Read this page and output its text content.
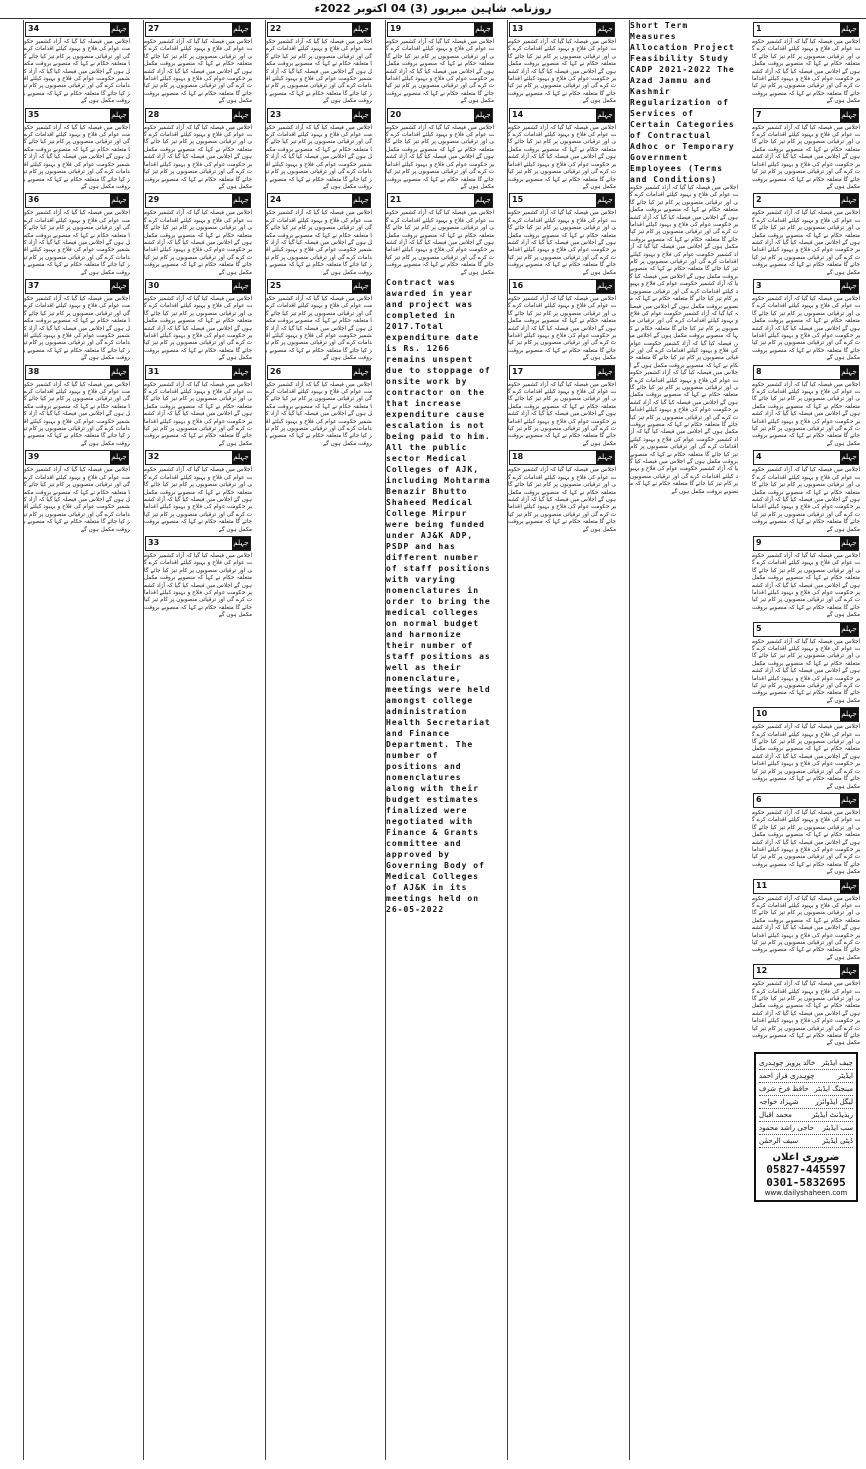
روزنامہ شاہین میرپور (3) 04 اکتوبر 2022ء
1	جہلم
اجلاس میں فیصلہ کیا گیا کہ آزاد کشمیر حکومت عوام کی فلاح و بہبود کیلئے اقدامات کرے گی اور ترقیاتی منصوبوں پر کام تیز کیا جائے گا متعلقہ حکام نے کہا کہ منصوبے بروقت مکمل ہوں گے اجلاس میں فیصلہ کیا گیا کہ آزاد کشمیر حکومت عوام کی فلاح و بہبود کیلئے اقدامات کرے گی اور ترقیاتی منصوبوں پر کام تیز کیا جائے گا متعلقہ حکام نے کہا کہ منصوبے بروقت مکمل ہوں گے
7	جہلم
اجلاس میں فیصلہ کیا گیا کہ آزاد کشمیر حکومت عوام کی فلاح و بہبود کیلئے اقدامات کرے گی اور ترقیاتی منصوبوں پر کام تیز کیا جائے گا متعلقہ حکام نے کہا کہ منصوبے بروقت مکمل ہوں گے اجلاس میں فیصلہ کیا گیا کہ آزاد کشمیر حکومت عوام کی فلاح و بہبود کیلئے اقدامات کرے گی اور ترقیاتی منصوبوں پر کام تیز کیا جائے گا متعلقہ حکام نے کہا کہ منصوبے بروقت مکمل ہوں گے
2	جہلم
اجلاس میں فیصلہ کیا گیا کہ آزاد کشمیر حکومت عوام کی فلاح و بہبود کیلئے اقدامات کرے گی اور ترقیاتی منصوبوں پر کام تیز کیا جائے گا متعلقہ حکام نے کہا کہ منصوبے بروقت مکمل ہوں گے اجلاس میں فیصلہ کیا گیا کہ آزاد کشمیر حکومت عوام کی فلاح و بہبود کیلئے اقدامات کرے گی اور ترقیاتی منصوبوں پر کام تیز کیا جائے گا متعلقہ حکام نے کہا کہ منصوبے بروقت مکمل ہوں گے
3	جہلم
اجلاس میں فیصلہ کیا گیا کہ آزاد کشمیر حکومت عوام کی فلاح و بہبود کیلئے اقدامات کرے گی اور ترقیاتی منصوبوں پر کام تیز کیا جائے گا متعلقہ حکام نے کہا کہ منصوبے بروقت مکمل ہوں گے اجلاس میں فیصلہ کیا گیا کہ آزاد کشمیر حکومت عوام کی فلاح و بہبود کیلئے اقدامات کرے گی اور ترقیاتی منصوبوں پر کام تیز کیا جائے گا متعلقہ حکام نے کہا کہ منصوبے بروقت مکمل ہوں گے
8	جہلم
اجلاس میں فیصلہ کیا گیا کہ آزاد کشمیر حکومت عوام کی فلاح و بہبود کیلئے اقدامات کرے گی اور ترقیاتی منصوبوں پر کام تیز کیا جائے گا متعلقہ حکام نے کہا کہ منصوبے بروقت مکمل ہوں گے اجلاس میں فیصلہ کیا گیا کہ آزاد کشمیر حکومت عوام کی فلاح و بہبود کیلئے اقدامات کرے گی اور ترقیاتی منصوبوں پر کام تیز کیا جائے گا متعلقہ حکام نے کہا کہ منصوبے بروقت مکمل ہوں گے
4	جہلم
اجلاس میں فیصلہ کیا گیا کہ آزاد کشمیر حکومت عوام کی فلاح و بہبود کیلئے اقدامات کرے گی اور ترقیاتی منصوبوں پر کام تیز کیا جائے گا متعلقہ حکام نے کہا کہ منصوبے بروقت مکمل ہوں گے اجلاس میں فیصلہ کیا گیا کہ آزاد کشمیر حکومت عوام کی فلاح و بہبود کیلئے اقدامات کرے گی اور ترقیاتی منصوبوں پر کام تیز کیا جائے گا متعلقہ حکام نے کہا کہ منصوبے بروقت مکمل ہوں گے
9	جہلم
اجلاس میں فیصلہ کیا گیا کہ آزاد کشمیر حکومت عوام کی فلاح و بہبود کیلئے اقدامات کرے گی اور ترقیاتی منصوبوں پر کام تیز کیا جائے گا متعلقہ حکام نے کہا کہ منصوبے بروقت مکمل ہوں گے اجلاس میں فیصلہ کیا گیا کہ آزاد کشمیر حکومت عوام کی فلاح و بہبود کیلئے اقدامات کرے گی اور ترقیاتی منصوبوں پر کام تیز کیا جائے گا متعلقہ حکام نے کہا کہ منصوبے بروقت مکمل ہوں گے
5	جہلم
اجلاس میں فیصلہ کیا گیا کہ آزاد کشمیر حکومت عوام کی فلاح و بہبود کیلئے اقدامات کرے گی اور ترقیاتی منصوبوں پر کام تیز کیا جائے گا متعلقہ حکام نے کہا کہ منصوبے بروقت مکمل ہوں گے اجلاس میں فیصلہ کیا گیا کہ آزاد کشمیر حکومت عوام کی فلاح و بہبود کیلئے اقدامات کرے گی اور ترقیاتی منصوبوں پر کام تیز کیا جائے گا متعلقہ حکام نے کہا کہ منصوبے بروقت مکمل ہوں گے
10	جہلم
اجلاس میں فیصلہ کیا گیا کہ آزاد کشمیر حکومت عوام کی فلاح و بہبود کیلئے اقدامات کرے گی اور ترقیاتی منصوبوں پر کام تیز کیا جائے گا متعلقہ حکام نے کہا کہ منصوبے بروقت مکمل ہوں گے اجلاس میں فیصلہ کیا گیا کہ آزاد کشمیر حکومت عوام کی فلاح و بہبود کیلئے اقدامات کرے گی اور ترقیاتی منصوبوں پر کام تیز کیا جائے گا متعلقہ حکام نے کہا کہ منصوبے بروقت مکمل ہوں گے
6	جہلم
اجلاس میں فیصلہ کیا گیا کہ آزاد کشمیر حکومت عوام کی فلاح و بہبود کیلئے اقدامات کرے گی اور ترقیاتی منصوبوں پر کام تیز کیا جائے گا متعلقہ حکام نے کہا کہ منصوبے بروقت مکمل ہوں گے اجلاس میں فیصلہ کیا گیا کہ آزاد کشمیر حکومت عوام کی فلاح و بہبود کیلئے اقدامات کرے گی اور ترقیاتی منصوبوں پر کام تیز کیا جائے گا متعلقہ حکام نے کہا کہ منصوبے بروقت مکمل ہوں گے
11	جہلم
اجلاس میں فیصلہ کیا گیا کہ آزاد کشمیر حکومت عوام کی فلاح و بہبود کیلئے اقدامات کرے گی اور ترقیاتی منصوبوں پر کام تیز کیا جائے گا متعلقہ حکام نے کہا کہ منصوبے بروقت مکمل ہوں گے اجلاس میں فیصلہ کیا گیا کہ آزاد کشمیر حکومت عوام کی فلاح و بہبود کیلئے اقدامات کرے گی اور ترقیاتی منصوبوں پر کام تیز کیا جائے گا متعلقہ حکام نے کہا کہ منصوبے بروقت مکمل ہوں گے
12	جہلم
اجلاس میں فیصلہ کیا گیا کہ آزاد کشمیر حکومت عوام کی فلاح و بہبود کیلئے اقدامات کرے گی اور ترقیاتی منصوبوں پر کام تیز کیا جائے گا متعلقہ حکام نے کہا کہ منصوبے بروقت مکمل ہوں گے اجلاس میں فیصلہ کیا گیا کہ آزاد کشمیر حکومت عوام کی فلاح و بہبود کیلئے اقدامات کرے گی اور ترقیاتی منصوبوں پر کام تیز کیا جائے گا متعلقہ حکام نے کہا کہ منصوبے بروقت مکمل ہوں گے
چیف ایڈیٹر
خالد پرویز چوہدری
ایڈیٹر
چوہدری فراز احمد
مینجنگ ایڈیٹر
حافظ فرخ شرف
لیگل ایڈوائزر
شہزاد خواجہ
ریذیڈنٹ ایڈیٹر
محمد اقبال
سب ایڈیٹر
حاجی راشد محمود
ڈپٹی ایڈیٹر
سیف الرحمٰن
ضروری اعلان
05827-445597
0301-5832695
www.dailyshaheen.com
Short Term Measures Allocation Project Feasibility Study CADP 2021-2022 The Azad Jammu and Kashmir Regularization of Services of Certain Categories of Contractual Adhoc or Temporary Government Employees (Terms and Conditions)
اجلاس میں فیصلہ کیا گیا کہ آزاد کشمیر حکومت عوام کی فلاح و بہبود کیلئے اقدامات کرے گی اور ترقیاتی منصوبوں پر کام تیز کیا جائے گا متعلقہ حکام نے کہا کہ منصوبے بروقت مکمل ہوں گے اجلاس میں فیصلہ کیا گیا کہ آزاد کشمیر حکومت عوام کی فلاح و بہبود کیلئے اقدامات کرے گی اور ترقیاتی منصوبوں پر کام تیز کیا جائے گا متعلقہ حکام نے کہا کہ منصوبے بروقت مکمل ہوں گے اجلاس میں فیصلہ کیا گیا کہ آزاد کشمیر حکومت عوام کی فلاح و بہبود کیلئے اقدامات کرے گی اور ترقیاتی منصوبوں پر کام تیز کیا جائے گا متعلقہ حکام نے کہا کہ منصوبے بروقت مکمل ہوں گے اجلاس میں فیصلہ کیا گیا کہ آزاد کشمیر حکومت عوام کی فلاح و بہبود کیلئے اقدامات کرے گی اور ترقیاتی منصوبوں پر کام تیز کیا جائے گا متعلقہ حکام نے کہا کہ منصوبے بروقت مکمل ہوں گے اجلاس میں فیصلہ کیا گیا کہ آزاد کشمیر حکومت عوام کی فلاح و بہبود کیلئے اقدامات کرے گی اور ترقیاتی منصوبوں پر کام تیز کیا جائے گا متعلقہ حکام نے کہا کہ منصوبے بروقت مکمل ہوں گے اجلاس میں فیصلہ کیا گیا کہ آزاد کشمیر حکومت عوام کی فلاح و بہبود کیلئے اقدامات کرے گی اور ترقیاتی منصوبوں پر کام تیز کیا جائے گا متعلقہ حکام نے کہا کہ منصوبے بروقت مکمل ہوں گے اجلاس میں فیصلہ کیا گیا کہ آزاد کشمیر حکومت عوام کی فلاح و بہبود کیلئے اقدامات کرے گی اور ترقیاتی منصوبوں پر کام تیز کیا جائے گا متعلقہ حکام نے کہا کہ منصوبے بروقت مکمل ہوں گے اجلاس میں فیصلہ کیا گیا کہ آزاد کشمیر حکومت عوام کی فلاح و بہبود کیلئے اقدامات کرے گی اور ترقیاتی منصوبوں پر کام تیز کیا جائے گا متعلقہ حکام نے کہا کہ منصوبے بروقت مکمل ہوں گے اجلاس میں فیصلہ کیا گیا کہ آزاد کشمیر حکومت عوام کی فلاح و بہبود کیلئے اقدامات کرے گی اور ترقیاتی منصوبوں پر کام تیز کیا جائے گا متعلقہ حکام نے کہا کہ منصوبے بروقت مکمل ہوں گے اجلاس میں فیصلہ کیا گیا کہ آزاد کشمیر حکومت عوام کی فلاح و بہبود کیلئے اقدامات کرے گی اور ترقیاتی منصوبوں پر کام تیز کیا جائے گا متعلقہ حکام نے کہا کہ منصوبے بروقت مکمل ہوں گے
13	جہلم
اجلاس میں فیصلہ کیا گیا کہ آزاد کشمیر حکومت عوام کی فلاح و بہبود کیلئے اقدامات کرے گی اور ترقیاتی منصوبوں پر کام تیز کیا جائے گا متعلقہ حکام نے کہا کہ منصوبے بروقت مکمل ہوں گے اجلاس میں فیصلہ کیا گیا کہ آزاد کشمیر حکومت عوام کی فلاح و بہبود کیلئے اقدامات کرے گی اور ترقیاتی منصوبوں پر کام تیز کیا جائے گا متعلقہ حکام نے کہا کہ منصوبے بروقت مکمل ہوں گے
14	جہلم
اجلاس میں فیصلہ کیا گیا کہ آزاد کشمیر حکومت عوام کی فلاح و بہبود کیلئے اقدامات کرے گی اور ترقیاتی منصوبوں پر کام تیز کیا جائے گا متعلقہ حکام نے کہا کہ منصوبے بروقت مکمل ہوں گے اجلاس میں فیصلہ کیا گیا کہ آزاد کشمیر حکومت عوام کی فلاح و بہبود کیلئے اقدامات کرے گی اور ترقیاتی منصوبوں پر کام تیز کیا جائے گا متعلقہ حکام نے کہا کہ منصوبے بروقت مکمل ہوں گے
15	جہلم
اجلاس میں فیصلہ کیا گیا کہ آزاد کشمیر حکومت عوام کی فلاح و بہبود کیلئے اقدامات کرے گی اور ترقیاتی منصوبوں پر کام تیز کیا جائے گا متعلقہ حکام نے کہا کہ منصوبے بروقت مکمل ہوں گے اجلاس میں فیصلہ کیا گیا کہ آزاد کشمیر حکومت عوام کی فلاح و بہبود کیلئے اقدامات کرے گی اور ترقیاتی منصوبوں پر کام تیز کیا جائے گا متعلقہ حکام نے کہا کہ منصوبے بروقت مکمل ہوں گے
16	جہلم
اجلاس میں فیصلہ کیا گیا کہ آزاد کشمیر حکومت عوام کی فلاح و بہبود کیلئے اقدامات کرے گی اور ترقیاتی منصوبوں پر کام تیز کیا جائے گا متعلقہ حکام نے کہا کہ منصوبے بروقت مکمل ہوں گے اجلاس میں فیصلہ کیا گیا کہ آزاد کشمیر حکومت عوام کی فلاح و بہبود کیلئے اقدامات کرے گی اور ترقیاتی منصوبوں پر کام تیز کیا جائے گا متعلقہ حکام نے کہا کہ منصوبے بروقت مکمل ہوں گے
17	جہلم
اجلاس میں فیصلہ کیا گیا کہ آزاد کشمیر حکومت عوام کی فلاح و بہبود کیلئے اقدامات کرے گی اور ترقیاتی منصوبوں پر کام تیز کیا جائے گا متعلقہ حکام نے کہا کہ منصوبے بروقت مکمل ہوں گے اجلاس میں فیصلہ کیا گیا کہ آزاد کشمیر حکومت عوام کی فلاح و بہبود کیلئے اقدامات کرے گی اور ترقیاتی منصوبوں پر کام تیز کیا جائے گا متعلقہ حکام نے کہا کہ منصوبے بروقت مکمل ہوں گے
18	جہلم
اجلاس میں فیصلہ کیا گیا کہ آزاد کشمیر حکومت عوام کی فلاح و بہبود کیلئے اقدامات کرے گی اور ترقیاتی منصوبوں پر کام تیز کیا جائے گا متعلقہ حکام نے کہا کہ منصوبے بروقت مکمل ہوں گے اجلاس میں فیصلہ کیا گیا کہ آزاد کشمیر حکومت عوام کی فلاح و بہبود کیلئے اقدامات کرے گی اور ترقیاتی منصوبوں پر کام تیز کیا جائے گا متعلقہ حکام نے کہا کہ منصوبے بروقت مکمل ہوں گے
19	جہلم
اجلاس میں فیصلہ کیا گیا کہ آزاد کشمیر حکومت عوام کی فلاح و بہبود کیلئے اقدامات کرے گی اور ترقیاتی منصوبوں پر کام تیز کیا جائے گا متعلقہ حکام نے کہا کہ منصوبے بروقت مکمل ہوں گے اجلاس میں فیصلہ کیا گیا کہ آزاد کشمیر حکومت عوام کی فلاح و بہبود کیلئے اقدامات کرے گی اور ترقیاتی منصوبوں پر کام تیز کیا جائے گا متعلقہ حکام نے کہا کہ منصوبے بروقت مکمل ہوں گے
20	جہلم
اجلاس میں فیصلہ کیا گیا کہ آزاد کشمیر حکومت عوام کی فلاح و بہبود کیلئے اقدامات کرے گی اور ترقیاتی منصوبوں پر کام تیز کیا جائے گا متعلقہ حکام نے کہا کہ منصوبے بروقت مکمل ہوں گے اجلاس میں فیصلہ کیا گیا کہ آزاد کشمیر حکومت عوام کی فلاح و بہبود کیلئے اقدامات کرے گی اور ترقیاتی منصوبوں پر کام تیز کیا جائے گا متعلقہ حکام نے کہا کہ منصوبے بروقت مکمل ہوں گے
21	جہلم
اجلاس میں فیصلہ کیا گیا کہ آزاد کشمیر حکومت عوام کی فلاح و بہبود کیلئے اقدامات کرے گی اور ترقیاتی منصوبوں پر کام تیز کیا جائے گا متعلقہ حکام نے کہا کہ منصوبے بروقت مکمل ہوں گے اجلاس میں فیصلہ کیا گیا کہ آزاد کشمیر حکومت عوام کی فلاح و بہبود کیلئے اقدامات کرے گی اور ترقیاتی منصوبوں پر کام تیز کیا جائے گا متعلقہ حکام نے کہا کہ منصوبے بروقت مکمل ہوں گے
Contract was awarded in year and project was completed in 2017.Total expenditure date is Rs. 1266 remains unspent due to stoppage of onsite work by contractor on the that increase expenditure cause escalation is not being paid to him. All the public sector Medical Colleges of AJK, including Mohtarma Benazir Bhutto Shaheed Medical College Mirpur were being funded under AJ&K ADP, PSDP and has different number of staff positions with varying nomenclatures in order to bring the medical colleges on normal budget and harmonize their number of staff positions as well as their nomenclature, meetings were held amongst college administration Health Secretariat and Finance Department. The number of positions and nomenclatures along with their budget estimates finalized were negotiated with Finance & Grants committee and approved by Governing Body of Medical Colleges of AJ&K in its meetings held on 26-05-2022
22	جہلم
اجلاس میں فیصلہ کیا گیا کہ آزاد کشمیر حکومت عوام کی فلاح و بہبود کیلئے اقدامات کرے گی اور ترقیاتی منصوبوں پر کام تیز کیا جائے گا متعلقہ حکام نے کہا کہ منصوبے بروقت مکمل ہوں گے اجلاس میں فیصلہ کیا گیا کہ آزاد کشمیر حکومت عوام کی فلاح و بہبود کیلئے اقدامات کرے گی اور ترقیاتی منصوبوں پر کام تیز کیا جائے گا متعلقہ حکام نے کہا کہ منصوبے بروقت مکمل ہوں گے
23	جہلم
اجلاس میں فیصلہ کیا گیا کہ آزاد کشمیر حکومت عوام کی فلاح و بہبود کیلئے اقدامات کرے گی اور ترقیاتی منصوبوں پر کام تیز کیا جائے گا متعلقہ حکام نے کہا کہ منصوبے بروقت مکمل ہوں گے اجلاس میں فیصلہ کیا گیا کہ آزاد کشمیر حکومت عوام کی فلاح و بہبود کیلئے اقدامات کرے گی اور ترقیاتی منصوبوں پر کام تیز کیا جائے گا متعلقہ حکام نے کہا کہ منصوبے بروقت مکمل ہوں گے
24	جہلم
اجلاس میں فیصلہ کیا گیا کہ آزاد کشمیر حکومت عوام کی فلاح و بہبود کیلئے اقدامات کرے گی اور ترقیاتی منصوبوں پر کام تیز کیا جائے گا متعلقہ حکام نے کہا کہ منصوبے بروقت مکمل ہوں گے اجلاس میں فیصلہ کیا گیا کہ آزاد کشمیر حکومت عوام کی فلاح و بہبود کیلئے اقدامات کرے گی اور ترقیاتی منصوبوں پر کام تیز کیا جائے گا متعلقہ حکام نے کہا کہ منصوبے بروقت مکمل ہوں گے
25	جہلم
اجلاس میں فیصلہ کیا گیا کہ آزاد کشمیر حکومت عوام کی فلاح و بہبود کیلئے اقدامات کرے گی اور ترقیاتی منصوبوں پر کام تیز کیا جائے گا متعلقہ حکام نے کہا کہ منصوبے بروقت مکمل ہوں گے اجلاس میں فیصلہ کیا گیا کہ آزاد کشمیر حکومت عوام کی فلاح و بہبود کیلئے اقدامات کرے گی اور ترقیاتی منصوبوں پر کام تیز کیا جائے گا متعلقہ حکام نے کہا کہ منصوبے بروقت مکمل ہوں گے
26	جہلم
اجلاس میں فیصلہ کیا گیا کہ آزاد کشمیر حکومت عوام کی فلاح و بہبود کیلئے اقدامات کرے گی اور ترقیاتی منصوبوں پر کام تیز کیا جائے گا متعلقہ حکام نے کہا کہ منصوبے بروقت مکمل ہوں گے اجلاس میں فیصلہ کیا گیا کہ آزاد کشمیر حکومت عوام کی فلاح و بہبود کیلئے اقدامات کرے گی اور ترقیاتی منصوبوں پر کام تیز کیا جائے گا متعلقہ حکام نے کہا کہ منصوبے بروقت مکمل ہوں گے
27	جہلم
اجلاس میں فیصلہ کیا گیا کہ آزاد کشمیر حکومت عوام کی فلاح و بہبود کیلئے اقدامات کرے گی اور ترقیاتی منصوبوں پر کام تیز کیا جائے گا متعلقہ حکام نے کہا کہ منصوبے بروقت مکمل ہوں گے اجلاس میں فیصلہ کیا گیا کہ آزاد کشمیر حکومت عوام کی فلاح و بہبود کیلئے اقدامات کرے گی اور ترقیاتی منصوبوں پر کام تیز کیا جائے گا متعلقہ حکام نے کہا کہ منصوبے بروقت مکمل ہوں گے
28	جہلم
اجلاس میں فیصلہ کیا گیا کہ آزاد کشمیر حکومت عوام کی فلاح و بہبود کیلئے اقدامات کرے گی اور ترقیاتی منصوبوں پر کام تیز کیا جائے گا متعلقہ حکام نے کہا کہ منصوبے بروقت مکمل ہوں گے اجلاس میں فیصلہ کیا گیا کہ آزاد کشمیر حکومت عوام کی فلاح و بہبود کیلئے اقدامات کرے گی اور ترقیاتی منصوبوں پر کام تیز کیا جائے گا متعلقہ حکام نے کہا کہ منصوبے بروقت مکمل ہوں گے
29	جہلم
اجلاس میں فیصلہ کیا گیا کہ آزاد کشمیر حکومت عوام کی فلاح و بہبود کیلئے اقدامات کرے گی اور ترقیاتی منصوبوں پر کام تیز کیا جائے گا متعلقہ حکام نے کہا کہ منصوبے بروقت مکمل ہوں گے اجلاس میں فیصلہ کیا گیا کہ آزاد کشمیر حکومت عوام کی فلاح و بہبود کیلئے اقدامات کرے گی اور ترقیاتی منصوبوں پر کام تیز کیا جائے گا متعلقہ حکام نے کہا کہ منصوبے بروقت مکمل ہوں گے
30	جہلم
اجلاس میں فیصلہ کیا گیا کہ آزاد کشمیر حکومت عوام کی فلاح و بہبود کیلئے اقدامات کرے گی اور ترقیاتی منصوبوں پر کام تیز کیا جائے گا متعلقہ حکام نے کہا کہ منصوبے بروقت مکمل ہوں گے اجلاس میں فیصلہ کیا گیا کہ آزاد کشمیر حکومت عوام کی فلاح و بہبود کیلئے اقدامات کرے گی اور ترقیاتی منصوبوں پر کام تیز کیا جائے گا متعلقہ حکام نے کہا کہ منصوبے بروقت مکمل ہوں گے
31	جہلم
اجلاس میں فیصلہ کیا گیا کہ آزاد کشمیر حکومت عوام کی فلاح و بہبود کیلئے اقدامات کرے گی اور ترقیاتی منصوبوں پر کام تیز کیا جائے گا متعلقہ حکام نے کہا کہ منصوبے بروقت مکمل ہوں گے اجلاس میں فیصلہ کیا گیا کہ آزاد کشمیر حکومت عوام کی فلاح و بہبود کیلئے اقدامات کرے گی اور ترقیاتی منصوبوں پر کام تیز کیا جائے گا متعلقہ حکام نے کہا کہ منصوبے بروقت مکمل ہوں گے
32	جہلم
اجلاس میں فیصلہ کیا گیا کہ آزاد کشمیر حکومت عوام کی فلاح و بہبود کیلئے اقدامات کرے گی اور ترقیاتی منصوبوں پر کام تیز کیا جائے گا متعلقہ حکام نے کہا کہ منصوبے بروقت مکمل ہوں گے اجلاس میں فیصلہ کیا گیا کہ آزاد کشمیر حکومت عوام کی فلاح و بہبود کیلئے اقدامات کرے گی اور ترقیاتی منصوبوں پر کام تیز کیا جائے گا متعلقہ حکام نے کہا کہ منصوبے بروقت مکمل ہوں گے
33	جہلم
اجلاس میں فیصلہ کیا گیا کہ آزاد کشمیر حکومت عوام کی فلاح و بہبود کیلئے اقدامات کرے گی اور ترقیاتی منصوبوں پر کام تیز کیا جائے گا متعلقہ حکام نے کہا کہ منصوبے بروقت مکمل ہوں گے اجلاس میں فیصلہ کیا گیا کہ آزاد کشمیر حکومت عوام کی فلاح و بہبود کیلئے اقدامات کرے گی اور ترقیاتی منصوبوں پر کام تیز کیا جائے گا متعلقہ حکام نے کہا کہ منصوبے بروقت مکمل ہوں گے
34	جہلم
اجلاس میں فیصلہ کیا گیا کہ آزاد کشمیر حکومت عوام کی فلاح و بہبود کیلئے اقدامات کرے گی اور ترقیاتی منصوبوں پر کام تیز کیا جائے گا متعلقہ حکام نے کہا کہ منصوبے بروقت مکمل ہوں گے اجلاس میں فیصلہ کیا گیا کہ آزاد کشمیر حکومت عوام کی فلاح و بہبود کیلئے اقدامات کرے گی اور ترقیاتی منصوبوں پر کام تیز کیا جائے گا متعلقہ حکام نے کہا کہ منصوبے بروقت مکمل ہوں گے
35	جہلم
اجلاس میں فیصلہ کیا گیا کہ آزاد کشمیر حکومت عوام کی فلاح و بہبود کیلئے اقدامات کرے گی اور ترقیاتی منصوبوں پر کام تیز کیا جائے گا متعلقہ حکام نے کہا کہ منصوبے بروقت مکمل ہوں گے اجلاس میں فیصلہ کیا گیا کہ آزاد کشمیر حکومت عوام کی فلاح و بہبود کیلئے اقدامات کرے گی اور ترقیاتی منصوبوں پر کام تیز کیا جائے گا متعلقہ حکام نے کہا کہ منصوبے بروقت مکمل ہوں گے
36	جہلم
اجلاس میں فیصلہ کیا گیا کہ آزاد کشمیر حکومت عوام کی فلاح و بہبود کیلئے اقدامات کرے گی اور ترقیاتی منصوبوں پر کام تیز کیا جائے گا متعلقہ حکام نے کہا کہ منصوبے بروقت مکمل ہوں گے اجلاس میں فیصلہ کیا گیا کہ آزاد کشمیر حکومت عوام کی فلاح و بہبود کیلئے اقدامات کرے گی اور ترقیاتی منصوبوں پر کام تیز کیا جائے گا متعلقہ حکام نے کہا کہ منصوبے بروقت مکمل ہوں گے
37	جہلم
اجلاس میں فیصلہ کیا گیا کہ آزاد کشمیر حکومت عوام کی فلاح و بہبود کیلئے اقدامات کرے گی اور ترقیاتی منصوبوں پر کام تیز کیا جائے گا متعلقہ حکام نے کہا کہ منصوبے بروقت مکمل ہوں گے اجلاس میں فیصلہ کیا گیا کہ آزاد کشمیر حکومت عوام کی فلاح و بہبود کیلئے اقدامات کرے گی اور ترقیاتی منصوبوں پر کام تیز کیا جائے گا متعلقہ حکام نے کہا کہ منصوبے بروقت مکمل ہوں گے
38	جہلم
اجلاس میں فیصلہ کیا گیا کہ آزاد کشمیر حکومت عوام کی فلاح و بہبود کیلئے اقدامات کرے گی اور ترقیاتی منصوبوں پر کام تیز کیا جائے گا متعلقہ حکام نے کہا کہ منصوبے بروقت مکمل ہوں گے اجلاس میں فیصلہ کیا گیا کہ آزاد کشمیر حکومت عوام کی فلاح و بہبود کیلئے اقدامات کرے گی اور ترقیاتی منصوبوں پر کام تیز کیا جائے گا متعلقہ حکام نے کہا کہ منصوبے بروقت مکمل ہوں گے
39	جہلم
اجلاس میں فیصلہ کیا گیا کہ آزاد کشمیر حکومت عوام کی فلاح و بہبود کیلئے اقدامات کرے گی اور ترقیاتی منصوبوں پر کام تیز کیا جائے گا متعلقہ حکام نے کہا کہ منصوبے بروقت مکمل ہوں گے اجلاس میں فیصلہ کیا گیا کہ آزاد کشمیر حکومت عوام کی فلاح و بہبود کیلئے اقدامات کرے گی اور ترقیاتی منصوبوں پر کام تیز کیا جائے گا متعلقہ حکام نے کہا کہ منصوبے بروقت مکمل ہوں گے
